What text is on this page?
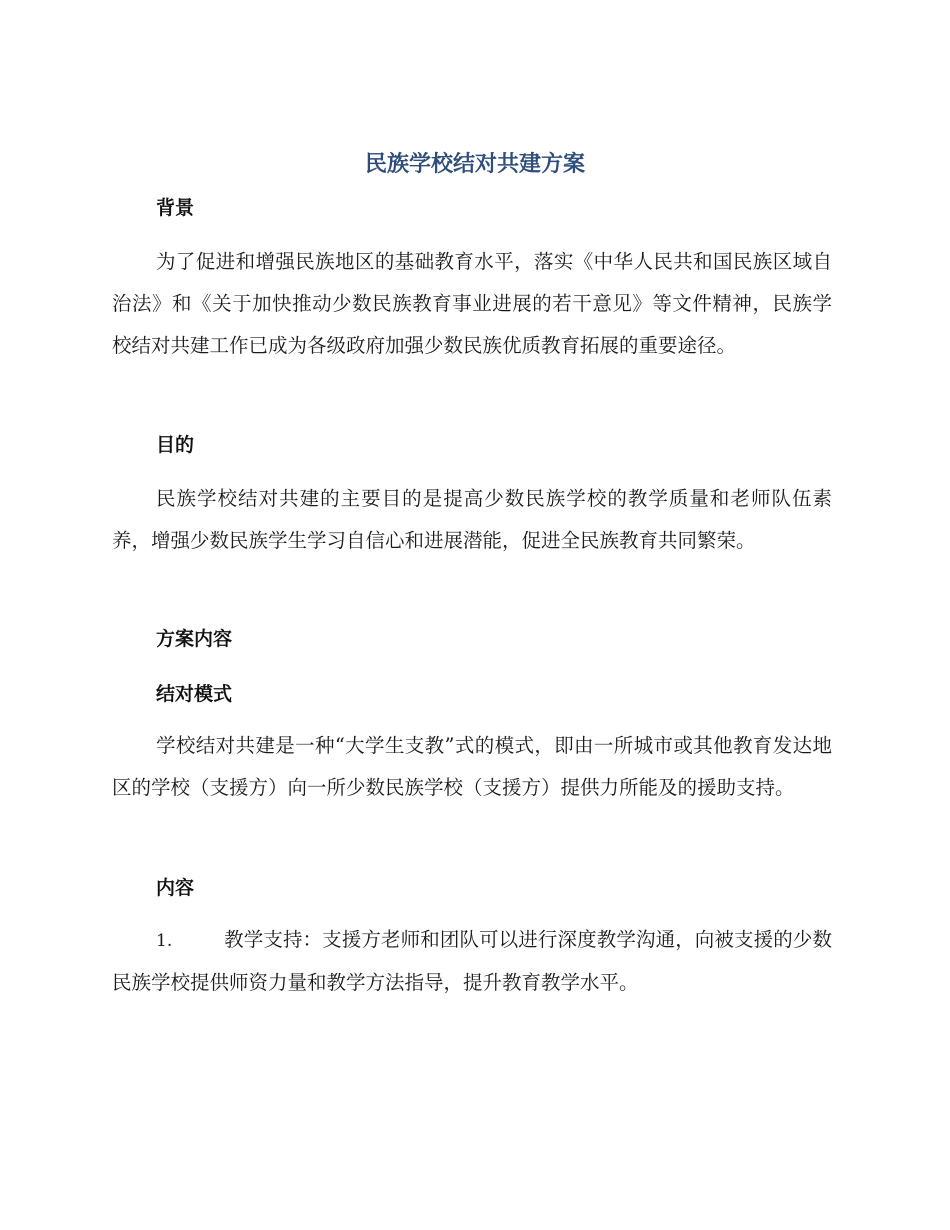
民族学校结对共建方案
背景

为了促进和增强民族地区的基础教育水平，落实《中华人民共和国民族区域自治法》和《关于加快推动少数民族教育事业进展的若干意见》等文件精神，民族学校结对共建工作已成为各级政府加强少数民族优质教育拓展的重要途径。

目的

民族学校结对共建的主要目的是提高少数民族学校的教学质量和老师队伍素养，增强少数民族学生学习自信心和进展潜能，促进全民族教育共同繁荣。

方案内容
结对模式

学校结对共建是一种“大学生支教”式的模式，即由一所城市或其他教育发达地区的学校（支援方）向一所少数民族学校（支援方）提供力所能及的援助支持。

内容

1.	教学支持：支援方老师和团队可以进行深度教学沟通，向被支援的少数民族学校提供师资力量和教学方法指导，提升教育教学水平。
